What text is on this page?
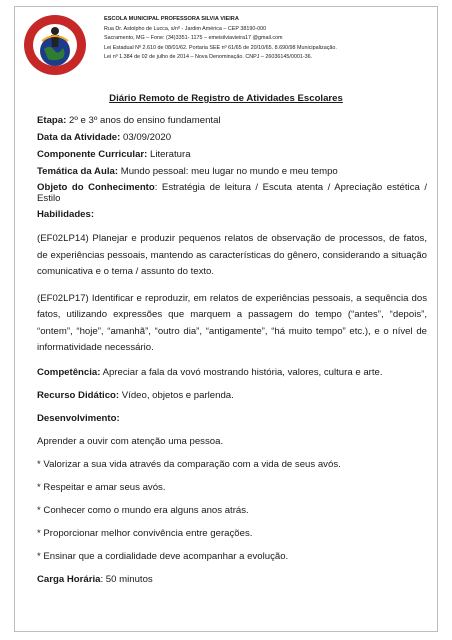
ESCOLA MUNICIPAL PROFESSORA SILVIA VIEIRA
Rua Dr. Astolpho de Lucca, s/nº - Jardim América – CEP 38190-000
Sacramento, MG – Fone: (34)3351- 1175 – emeisilviavieira17 @gmail.com
Lei Estadual Nº 2.610 de 08/01/62. Portaria SEE nº 61/65 de 20/10/65. 8.690/98 Municipalização.
Lei nº 1.384 de 02 de julho de 2014 – Nova Denominação. CNPJ – 26036145/0001-36.
Diário Remoto de Registro de Atividades Escolares

Etapa: 2º e 3º anos do ensino fundamental

Data da Atividade: 03/09/2020

Componente Curricular: Literatura

Temática da Aula: Mundo pessoal: meu lugar no mundo e meu tempo

Objeto do Conhecimento: Estratégia de leitura / Escuta atenta / Apreciação estética / Estilo

Habilidades:

(EF02LP14) Planejar e produzir pequenos relatos de observação de processos, de fatos, de experiências pessoais, mantendo as características do gênero, considerando a situação comunicativa e o tema / assunto do texto.

(EF02LP17) Identificar e reproduzir, em relatos de experiências pessoais, a sequência dos fatos, utilizando expressões que marquem a passagem do tempo (“antes”, “depois”, “ontem”, “hoje”, “amanhã”, “outro dia”, “antigamente”, “há muito tempo” etc.), e o nível de informatividade necessário.

Competência: Apreciar a fala da vovó mostrando história, valores, cultura e arte.

Recurso Didático: Vídeo, objetos e parlenda.

Desenvolvimento:

Aprender a ouvir com atenção uma pessoa.

* Valorizar a sua vida através da comparação com a vida de seus avós.

* Respeitar e amar seus avós.

* Conhecer como o mundo era alguns anos atrás.

* Proporcionar melhor convivência entre gerações.

* Ensinar que a cordialidade deve acompanhar a evolução.

Carga Horária: 50 minutos
